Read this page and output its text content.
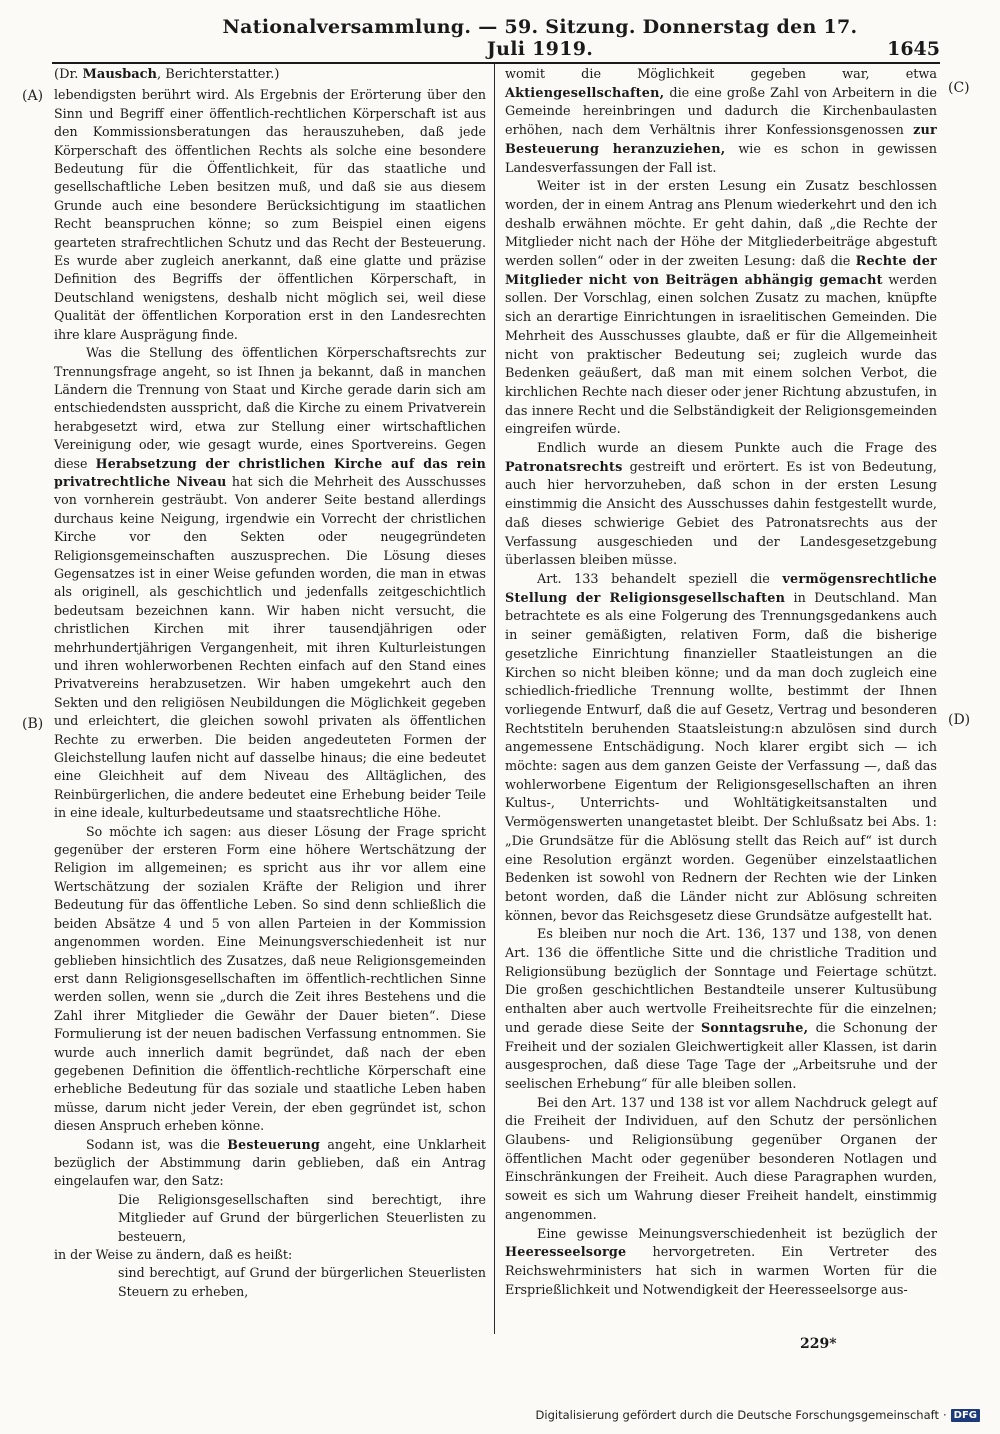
Nationalversammlung. — 59. Sitzung. Donnerstag den 17. Juli 1919.	1645
(A)
(B)
(C)
(D)
(Dr. Mausbach, Berichterstatter.)

lebendigsten berührt wird. Als Ergebnis der Erörterung über den Sinn und Begriff einer öffentlich-rechtlichen Körperschaft ist aus den Kommissionsberatungen das herauszuheben, daß jede Körperschaft des öffentlichen Rechts als solche eine besondere Bedeutung für die Öffentlichkeit, für das staatliche und gesellschaftliche Leben besitzen muß, und daß sie aus diesem Grunde auch eine besondere Berücksichtigung im staatlichen Recht beanspruchen könne; so zum Beispiel einen eigens gearteten strafrechtlichen Schutz und das Recht der Besteuerung. Es wurde aber zugleich anerkannt, daß eine glatte und präzise Definition des Begriffs der öffentlichen Körperschaft, in Deutschland wenigstens, deshalb nicht möglich sei, weil diese Qualität der öffentlichen Korporation erst in den Landesrechten ihre klare Ausprägung finde.

Was die Stellung des öffentlichen Körperschaftsrechts zur Trennungsfrage angeht, so ist Ihnen ja bekannt, daß in manchen Ländern die Trennung von Staat und Kirche gerade darin sich am entschiedendsten ausspricht, daß die Kirche zu einem Privatverein herabgesetzt wird, etwa zur Stellung einer wirtschaftlichen Vereinigung oder, wie gesagt wurde, eines Sportvereins. Gegen diese Herabsetzung der christlichen Kirche auf das rein privatrechtliche Niveau hat sich die Mehrheit des Ausschusses von vornherein gesträubt. Von anderer Seite bestand allerdings durchaus keine Neigung, irgendwie ein Vorrecht der christlichen Kirche vor den Sekten oder neugegründeten Religionsgemeinschaften auszusprechen. Die Lösung dieses Gegensatzes ist in einer Weise gefunden worden, die man in etwas als originell, als geschichtlich und jedenfalls zeitgeschichtlich bedeutsam bezeichnen kann. Wir haben nicht versucht, die christlichen Kirchen mit ihrer tausendjährigen oder mehrhundertjährigen Vergangenheit, mit ihren Kulturleistungen und ihren wohlerworbenen Rechten einfach auf den Stand eines Privatvereins herabzusetzen. Wir haben umgekehrt auch den Sekten und den religiösen Neubildungen die Möglichkeit gegeben und erleichtert, die gleichen sowohl privaten als öffentlichen Rechte zu erwerben. Die beiden angedeuteten Formen der Gleichstellung laufen nicht auf dasselbe hinaus; die eine bedeutet eine Gleichheit auf dem Niveau des Alltäglichen, des Reinbürgerlichen, die andere bedeutet eine Erhebung beider Teile in eine ideale, kulturbedeutsame und staatsrechtliche Höhe.

So möchte ich sagen: aus dieser Lösung der Frage spricht gegenüber der ersteren Form eine höhere Wertschätzung der Religion im allgemeinen; es spricht aus ihr vor allem eine Wertschätzung der sozialen Kräfte der Religion und ihrer Bedeutung für das öffentliche Leben. So sind denn schließlich die beiden Absätze 4 und 5 von allen Parteien in der Kommission angenommen worden. Eine Meinungsverschiedenheit ist nur geblieben hinsichtlich des Zusatzes, daß neue Religionsgemeinden erst dann Religionsgesellschaften im öffentlich-rechtlichen Sinne werden sollen, wenn sie „durch die Zeit ihres Bestehens und die Zahl ihrer Mitglieder die Gewähr der Dauer bieten“. Diese Formulierung ist der neuen badischen Verfassung entnommen. Sie wurde auch innerlich damit begründet, daß nach der eben gegebenen Definition die öffentlich-rechtliche Körperschaft eine erhebliche Bedeutung für das soziale und staatliche Leben haben müsse, darum nicht jeder Verein, der eben gegründet ist, schon diesen Anspruch erheben könne.

Sodann ist, was die Besteuerung angeht, eine Unklarheit bezüglich der Abstimmung darin geblieben, daß ein Antrag eingelaufen war, den Satz:

Die Religionsgesellschaften sind berechtigt, ihre Mitglieder auf Grund der bürgerlichen Steuerlisten zu besteuern,

in der Weise zu ändern, daß es heißt:

sind berechtigt, auf Grund der bürgerlichen Steuerlisten Steuern zu erheben,

womit die Möglichkeit gegeben war, etwa Aktiengesellschaften, die eine große Zahl von Arbeitern in die Gemeinde hereinbringen und dadurch die Kirchenbaulasten erhöhen, nach dem Verhältnis ihrer Konfessionsgenossen zur Besteuerung heranzuziehen, wie es schon in gewissen Landesverfassungen der Fall ist.

Weiter ist in der ersten Lesung ein Zusatz beschlossen worden, der in einem Antrag ans Plenum wiederkehrt und den ich deshalb erwähnen möchte. Er geht dahin, daß „die Rechte der Mitglieder nicht nach der Höhe der Mitgliederbeiträge abgestuft werden sollen“ oder in der zweiten Lesung: daß die Rechte der Mitglieder nicht von Beiträgen abhängig gemacht werden sollen. Der Vorschlag, einen solchen Zusatz zu machen, knüpfte sich an derartige Einrichtungen in israelitischen Gemeinden. Die Mehrheit des Ausschusses glaubte, daß er für die Allgemeinheit nicht von praktischer Bedeutung sei; zugleich wurde das Bedenken geäußert, daß man mit einem solchen Verbot, die kirchlichen Rechte nach dieser oder jener Richtung abzustufen, in das innere Recht und die Selbständigkeit der Religionsgemeinden eingreifen würde.

Endlich wurde an diesem Punkte auch die Frage des Patronatsrechts gestreift und erörtert. Es ist von Bedeutung, auch hier hervorzuheben, daß schon in der ersten Lesung einstimmig die Ansicht des Ausschusses dahin festgestellt wurde, daß dieses schwierige Gebiet des Patronatsrechts aus der Verfassung ausgeschieden und der Landesgesetzgebung überlassen bleiben müsse.

Art. 133 behandelt speziell die vermögensrechtliche Stellung der Religionsgesellschaften in Deutschland. Man betrachtete es als eine Folgerung des Trennungsgedankens auch in seiner gemäßigten, relativen Form, daß die bisherige gesetzliche Einrichtung finanzieller Staatleistungen an die Kirchen so nicht bleiben könne; und da man doch zugleich eine schiedlich-friedliche Trennung wollte, bestimmt der Ihnen vorliegende Entwurf, daß die auf Gesetz, Vertrag und besonderen Rechtstiteln beruhenden Staatsleistung:n abzulösen sind durch angemessene Entschädigung. Noch klarer ergibt sich — ich möchte: sagen aus dem ganzen Geiste der Verfassung —, daß das wohlerworbene Eigentum der Religionsgesellschaften an ihren Kultus-, Unterrichts- und Wohltätigkeitsanstalten und Vermögenswerten unangetastet bleibt. Der Schlußsatz bei Abs. 1: „Die Grundsätze für die Ablösung stellt das Reich auf“ ist durch eine Resolution ergänzt worden. Gegenüber einzelstaatlichen Bedenken ist sowohl von Rednern der Rechten wie der Linken betont worden, daß die Länder nicht zur Ablösung schreiten können, bevor das Reichsgesetz diese Grundsätze aufgestellt hat.

Es bleiben nur noch die Art. 136, 137 und 138, von denen Art. 136 die öffentliche Sitte und die christliche Tradition und Religionsübung bezüglich der Sonntage und Feiertage schützt. Die großen geschichtlichen Bestandteile unserer Kultusübung enthalten aber auch wertvolle Freiheitsrechte für die einzelnen; und gerade diese Seite der Sonntagsruhe, die Schonung der Freiheit und der sozialen Gleichwertigkeit aller Klassen, ist darin ausgesprochen, daß diese Tage Tage der „Arbeitsruhe und der seelischen Erhebung“ für alle bleiben sollen.

Bei den Art. 137 und 138 ist vor allem Nachdruck gelegt auf die Freiheit der Individuen, auf den Schutz der persönlichen Glaubens- und Religionsübung gegenüber Organen der öffentlichen Macht oder gegenüber besonderen Notlagen und Einschränkungen der Freiheit. Auch diese Paragraphen wurden, soweit es sich um Wahrung dieser Freiheit handelt, einstimmig angenommen.

Eine gewisse Meinungsverschiedenheit ist bezüglich der Heeresseelsorge hervorgetreten. Ein Vertreter des Reichswehrministers hat sich in warmen Worten für die Ersprießlichkeit und Notwendigkeit der Heeresseelsorge aus-

229*
Digitalisierung gefördert durch die Deutsche Forschungsgemeinschaft · DFG
